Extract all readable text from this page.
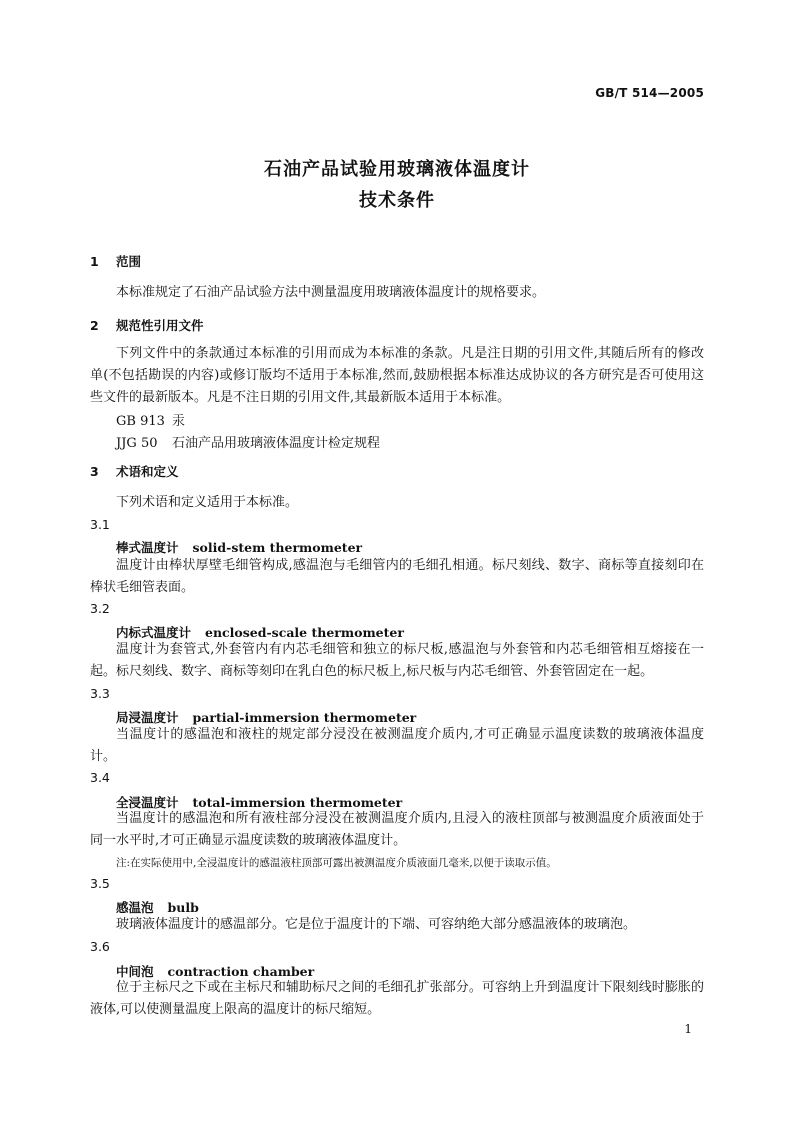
GB/T 514—2005
石油产品试验用玻璃液体温度计
技术条件
1 范围
本标准规定了石油产品试验方法中测量温度用玻璃液体温度计的规格要求。
2 规范性引用文件
下列文件中的条款通过本标准的引用而成为本标准的条款。凡是注日期的引用文件,其随后所有的修改单(不包括勘误的内容)或修订版均不适用于本标准,然而,鼓励根据本标准达成协议的各方研究是否可使用这些文件的最新版本。凡是不注日期的引用文件,其最新版本适用于本标准。
GB 913 汞
JJG 50 石油产品用玻璃液体温度计检定规程
3 术语和定义
下列术语和定义适用于本标准。
3.1
棒式温度计 solid-stem thermometer
温度计由棒状厚壁毛细管构成,感温泡与毛细管内的毛细孔相通。标尺刻线、数字、商标等直接刻印在棒状毛细管表面。
3.2
内标式温度计 enclosed-scale thermometer
温度计为套管式,外套管内有内芯毛细管和独立的标尺板,感温泡与外套管和内芯毛细管相互熔接在一起。标尺刻线、数字、商标等刻印在乳白色的标尺板上,标尺板与内芯毛细管、外套管固定在一起。
3.3
局浸温度计 partial-immersion thermometer
当温度计的感温泡和液柱的规定部分浸没在被测温度介质内,才可正确显示温度读数的玻璃液体温度计。
3.4
全浸温度计 total-immersion thermometer
当温度计的感温泡和所有液柱部分浸没在被测温度介质内,且浸入的液柱顶部与被测温度介质液面处于同一水平时,才可正确显示温度读数的玻璃液体温度计。
注:在实际使用中,全浸温度计的感温液柱顶部可露出被测温度介质液面几毫米,以便于读取示值。
3.5
感温泡 bulb
玻璃液体温度计的感温部分。它是位于温度计的下端、可容纳绝大部分感温液体的玻璃泡。
3.6
中间泡 contraction chamber
位于主标尺之下或在主标尺和辅助标尺之间的毛细孔扩张部分。可容纳上升到温度计下限刻线时膨胀的液体,可以使测量温度上限高的温度计的标尺缩短。
1
